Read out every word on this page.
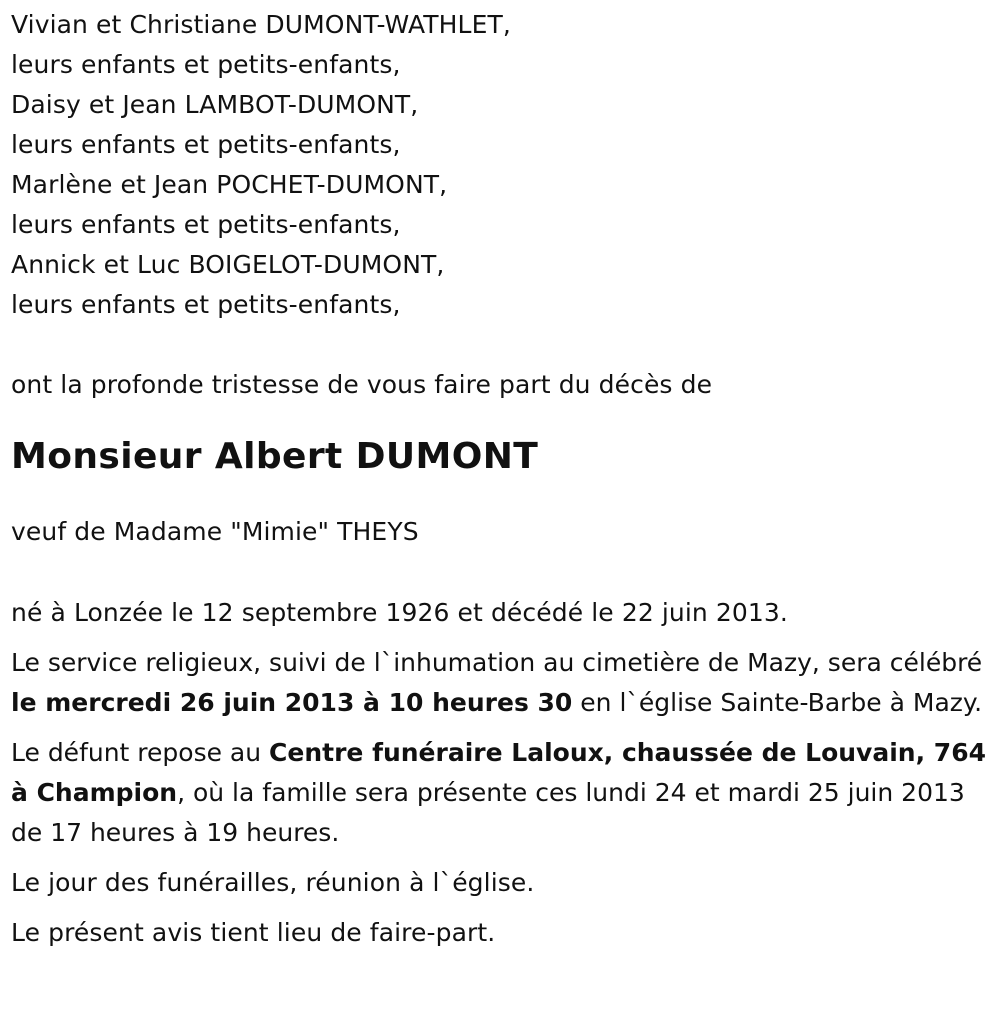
Vivian et Christiane DUMONT-WATHLET,
leurs enfants et petits-enfants,
Daisy et Jean LAMBOT-DUMONT,
leurs enfants et petits-enfants,
Marlène et Jean POCHET-DUMONT,
leurs enfants et petits-enfants,
Annick et Luc BOIGELOT-DUMONT,
leurs enfants et petits-enfants,
ont la profonde tristesse de vous faire part du décès de
Monsieur Albert DUMONT
veuf de Madame "Mimie" THEYS
né à Lonzée le 12 septembre 1926 et décédé le 22 juin 2013.
Le service religieux, suivi de l`inhumation au cimetière de Mazy, sera célébré le mercredi 26 juin 2013 à 10 heures 30 en l`église Sainte-Barbe à Mazy.
Le défunt repose au Centre funéraire Laloux, chaussée de Louvain, 764 à Champion, où la famille sera présente ces lundi 24 et mardi 25 juin 2013 de 17 heures à 19 heures.
Le jour des funérailles, réunion à l`église.
Le présent avis tient lieu de faire-part.
